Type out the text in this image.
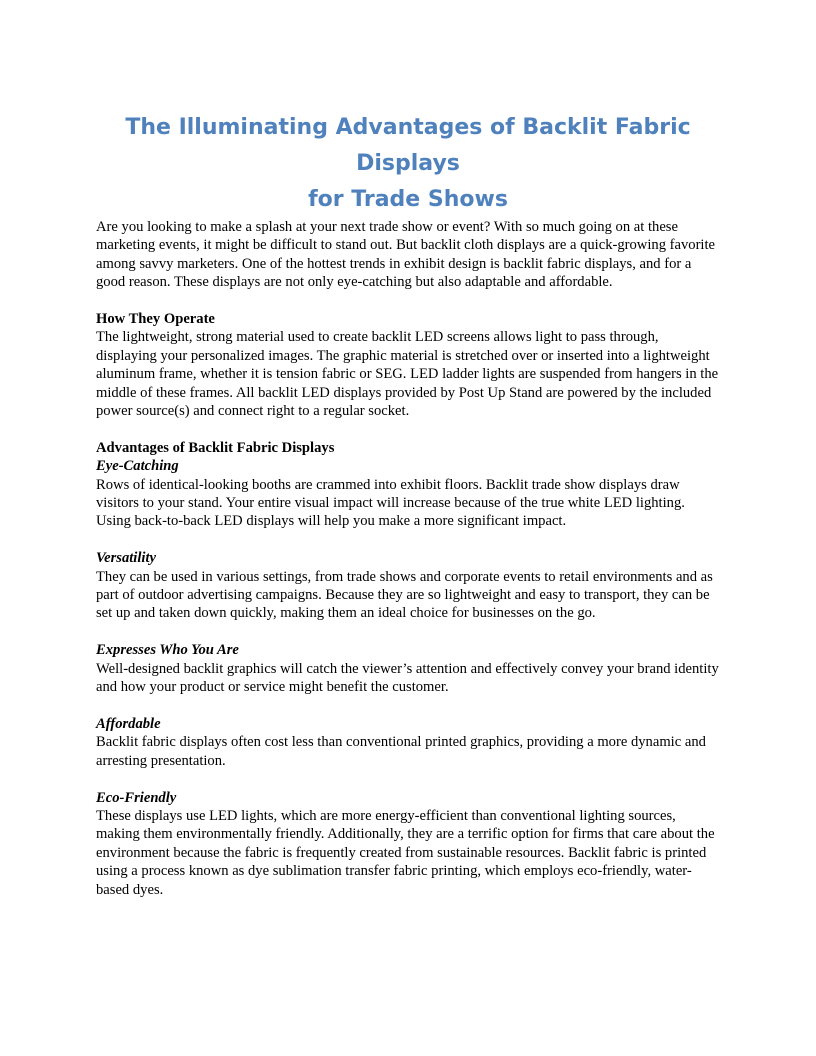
The Illuminating Advantages of Backlit Fabric Displays
for Trade Shows

Are you looking to make a splash at your next trade show or event? With so much going on at these marketing events, it might be difficult to stand out. But backlit cloth displays are a quick-growing favorite among savvy marketers. One of the hottest trends in exhibit design is backlit fabric displays, and for a good reason. These displays are not only eye-catching but also adaptable and affordable.

How They Operate

The lightweight, strong material used to create backlit LED screens allows light to pass through, displaying your personalized images. The graphic material is stretched over or inserted into a lightweight aluminum frame, whether it is tension fabric or SEG. LED ladder lights are suspended from hangers in the middle of these frames. All backlit LED displays provided by Post Up Stand are powered by the included power source(s) and connect right to a regular socket.

Advantages of Backlit Fabric Displays

Eye-Catching

Rows of identical-looking booths are crammed into exhibit floors. Backlit trade show displays draw visitors to your stand. Your entire visual impact will increase because of the true white LED lighting. Using back-to-back LED displays will help you make a more significant impact.

Versatility

They can be used in various settings, from trade shows and corporate events to retail environments and as part of outdoor advertising campaigns. Because they are so lightweight and easy to transport, they can be set up and taken down quickly, making them an ideal choice for businesses on the go.

Expresses Who You Are

Well-designed backlit graphics will catch the viewer’s attention and effectively convey your brand identity and how your product or service might benefit the customer.

Affordable

Backlit fabric displays often cost less than conventional printed graphics, providing a more dynamic and arresting presentation.

Eco-Friendly

These displays use LED lights, which are more energy-efficient than conventional lighting sources, making them environmentally friendly. Additionally, they are a terrific option for firms that care about the environment because the fabric is frequently created from sustainable resources. Backlit fabric is printed using a process known as dye sublimation transfer fabric printing, which employs eco-friendly, water-based dyes.
